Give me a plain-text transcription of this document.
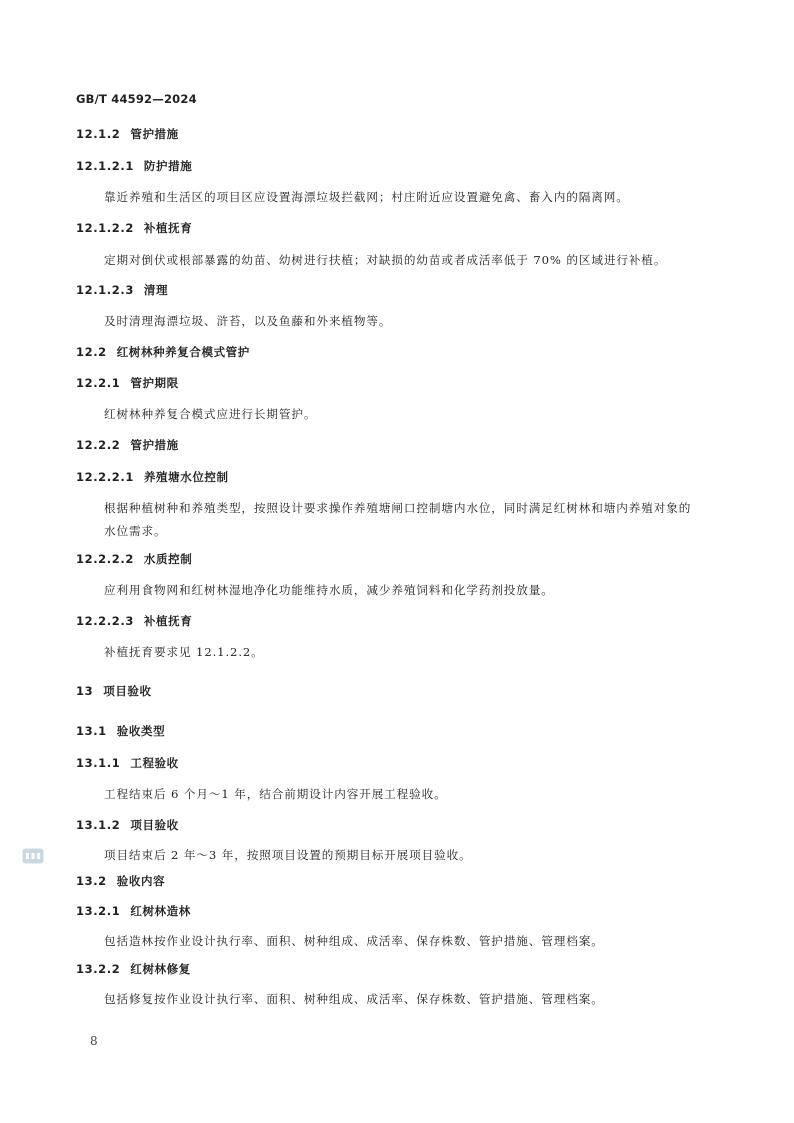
GB/T 44592—2024
12.1.2 管护措施
12.1.2.1 防护措施
靠近养殖和生活区的项目区应设置海漂垃圾拦截网；村庄附近应设置避免禽、畜入内的隔离网。
12.1.2.2 补植抚育
定期对倒伏或根部暴露的幼苗、幼树进行扶植；对缺损的幼苗或者成活率低于 70% 的区域进行补植。
12.1.2.3 清理
及时清理海漂垃圾、浒苔，以及鱼藤和外来植物等。
12.2 红树林种养复合模式管护
12.2.1 管护期限
红树林种养复合模式应进行长期管护。
12.2.2 管护措施
12.2.2.1 养殖塘水位控制
根据种植树种和养殖类型，按照设计要求操作养殖塘闸口控制塘内水位，同时满足红树林和塘内养殖对象的水位需求。
12.2.2.2 水质控制
应利用食物网和红树林湿地净化功能维持水质，减少养殖饲料和化学药剂投放量。
12.2.2.3 补植抚育
补植抚育要求见 12.1.2.2。
13 项目验收
13.1 验收类型
13.1.1 工程验收
工程结束后 6 个月～1 年，结合前期设计内容开展工程验收。
13.1.2 项目验收
项目结束后 2 年～3 年，按照项目设置的预期目标开展项目验收。
13.2 验收内容
13.2.1 红树林造林
包括造林按作业设计执行率、面积、树种组成、成活率、保存株数、管护措施、管理档案。
13.2.2 红树林修复
包括修复按作业设计执行率、面积、树种组成、成活率、保存株数、管护措施、管理档案。
8
